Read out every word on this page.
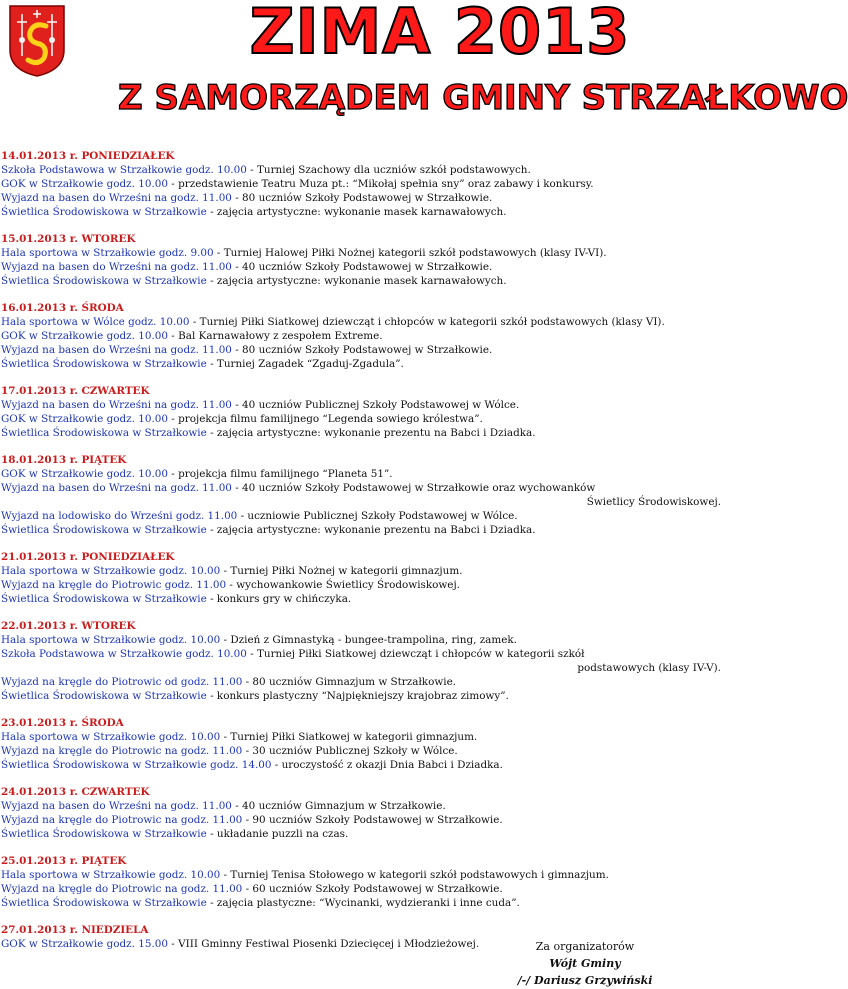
ZIMA 2013
Z SAMORZĄDEM GMINY STRZAŁKOWO
14.01.2013 r. PONIEDZIAŁEK
Szkoła Podstawowa w Strzałkowie godz. 10.00 - Turniej Szachowy dla uczniów szkół podstawowych.
GOK w Strzałkowie godz. 10.00 - przedstawienie Teatru Muza pt.: “Mikołaj spełnia sny” oraz zabawy i konkursy.
Wyjazd na basen do Wrześni na godz. 11.00 - 80 uczniów Szkoły Podstawowej w Strzałkowie.
Świetlica Środowiskowa w Strzałkowie - zajęcia artystyczne: wykonanie masek karnawałowych.
15.01.2013 r. WTOREK
Hala sportowa w Strzałkowie godz. 9.00 - Turniej Halowej Piłki Nożnej kategorii szkół podstawowych (klasy IV-VI).
Wyjazd na basen do Wrześni na godz. 11.00 - 40 uczniów Szkoły Podstawowej w Strzałkowie.
Świetlica Środowiskowa w Strzałkowie - zajęcia artystyczne: wykonanie masek karnawałowych.
16.01.2013 r. ŚRODA
Hala sportowa w Wólce godz. 10.00 - Turniej Piłki Siatkowej dziewcząt i chłopców w kategorii szkół podstawowych (klasy VI).
GOK w Strzałkowie godz. 10.00 - Bal Karnawałowy z zespołem Extreme.
Wyjazd na basen do Wrześni na godz. 11.00 - 80 uczniów Szkoły Podstawowej w Strzałkowie.
Świetlica Środowiskowa w Strzałkowie - Turniej Zagadek “Zgaduj-Zgadula”.
17.01.2013 r. CZWARTEK
Wyjazd na basen do Wrześni na godz. 11.00 - 40 uczniów Publicznej Szkoły Podstawowej w Wólce.
GOK w Strzałkowie godz. 10.00 - projekcja filmu familijnego “Legenda sowiego królestwa”.
Świetlica Środowiskowa w Strzałkowie - zajęcia artystyczne: wykonanie prezentu na Babci i Dziadka.
18.01.2013 r. PIĄTEK
GOK w Strzałkowie godz. 10.00 - projekcja filmu familijnego “Planeta 51”.
Wyjazd na basen do Wrześni na godz. 11.00 - 40 uczniów Szkoły Podstawowej w Strzałkowie oraz wychowanków
Świetlicy Środowiskowej.
Wyjazd na lodowisko do Wrześni godz. 11.00 - uczniowie Publicznej Szkoły Podstawowej w Wólce.
Świetlica Środowiskowa w Strzałkowie - zajęcia artystyczne: wykonanie prezentu na Babci i Dziadka.
21.01.2013 r. PONIEDZIAŁEK
Hala sportowa w Strzałkowie godz. 10.00 - Turniej Piłki Nożnej w kategorii gimnazjum.
Wyjazd na kręgle do Piotrowic godz. 11.00 - wychowankowie Świetlicy Środowiskowej.
Świetlica Środowiskowa w Strzałkowie - konkurs gry w chińczyka.
22.01.2013 r. WTOREK
Hala sportowa w Strzałkowie godz. 10.00 - Dzień z Gimnastyką - bungee-trampolina, ring, zamek.
Szkoła Podstawowa w Strzałkowie godz. 10.00 - Turniej Piłki Siatkowej dziewcząt i chłopców w kategorii szkół
podstawowych (klasy IV-V).
Wyjazd na kręgle do Piotrowic od godz. 11.00 - 80 uczniów Gimnazjum w Strzałkowie.
Świetlica Środowiskowa w Strzałkowie - konkurs plastyczny “Najpiękniejszy krajobraz zimowy”.
23.01.2013 r. ŚRODA
Hala sportowa w Strzałkowie godz. 10.00 - Turniej Piłki Siatkowej w kategorii gimnazjum.
Wyjazd na kręgle do Piotrowic na godz. 11.00 - 30 uczniów Publicznej Szkoły w Wólce.
Świetlica Środowiskowa w Strzałkowie godz. 14.00 - uroczystość z okazji Dnia Babci i Dziadka.
24.01.2013 r. CZWARTEK
Wyjazd na basen do Wrześni na godz. 11.00 - 40 uczniów Gimnazjum w Strzałkowie.
Wyjazd na kręgle do Piotrowic na godz. 11.00 - 90 uczniów Szkoły Podstawowej w Strzałkowie.
Świetlica Środowiskowa w Strzałkowie - układanie puzzli na czas.
25.01.2013 r. PIĄTEK
Hala sportowa w Strzałkowie godz. 10.00 - Turniej Tenisa Stołowego w kategorii szkół podstawowych i gimnazjum.
Wyjazd na kręgle do Piotrowic na godz. 11.00 - 60 uczniów Szkoły Podstawowej w Strzałkowie.
Świetlica Środowiskowa w Strzałkowie - zajęcia plastyczne: “Wycinanki, wydzieranki i inne cuda”.
27.01.2013 r. NIEDZIELA
GOK w Strzałkowie godz. 15.00 - VIII Gminny Festiwal Piosenki Dziecięcej i Młodzieżowej.	Za organizatorów
Wójt Gminy
/-/ Dariusz Grzywiński
